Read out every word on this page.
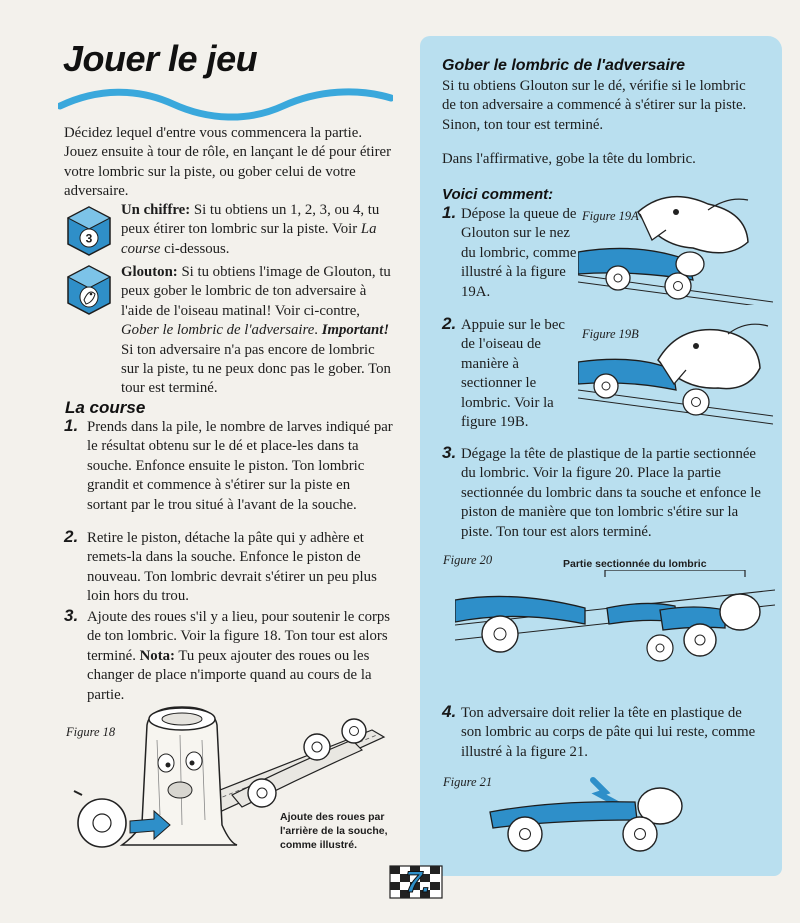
Jouer le jeu

Décidez lequel d'entre vous commencera la partie. Jouez ensuite à tour de rôle, en lançant le dé pour étirer votre lombric sur la piste, ou gober celui de votre adversaire.

3

Un chiffre: Si tu obtiens un 1, 2, 3, ou 4, tu peux étirer ton lombric sur la piste. Voir La course ci-dessous.

Glouton: Si tu obtiens l'image de Glouton, tu peux gober le lombric de ton adversaire à l'aide de l'oiseau matinal! Voir ci-contre, Gober le lombric de l'adversaire. Important! Si ton adversaire n'a pas encore de lombric sur la piste, tu ne peux donc pas le gober. Ton tour est terminé.

La course
1. Prends dans la pile, le nombre de larves indiqué par le résultat obtenu sur le dé et place-les dans ta souche. Enfonce ensuite le piston. Ton lombric grandit et commence à s'étirer sur la piste en sortant par le trou situé à l'avant de la souche.

2. Retire le piston, détache la pâte qui y adhère et remets-la dans la souche. Enfonce le piston de nouveau. Ton lombric devrait s'étirer un peu plus loin hors du trou.

3. Ajoute des roues s'il y a lieu, pour soutenir le corps de ton lombric. Voir la figure 18. Ton tour est alors terminé. Nota: Tu peux ajouter des roues ou les changer de place n'importe quand au cours de la partie.

Figure 18
Ajoute des roues par l'arrière de la souche, comme illustré.
Gober le lombric de l'adversaire

Si tu obtiens Glouton sur le dé, vérifie si le lombric de ton adversaire a commencé à s'étirer sur la piste. Sinon, ton tour est terminé.

Dans l'affirmative, gobe la tête du lombric.

Voici comment:
1. Dépose la queue de Glouton sur le nez du lombric, comme illustré à la figure 19A.

Figure 19A
2. Appuie sur le bec de l'oiseau de manière à sectionner le lombric. Voir la figure 19B.

Figure 19B
3. Dégage la tête de plastique de la partie sectionnée du lombric. Voir la figure 20. Place la partie sectionnée du lombric dans ta souche et enfonce le piston de manière que ton lombric s'étire sur la piste. Ton tour est alors terminé.

Figure 20	Partie sectionnée du lombric
4. Ton adversaire doit relier la tête en plastique de son lombric au corps de pâte qui lui reste, comme illustré à la figure 21.

Figure 21
7.
